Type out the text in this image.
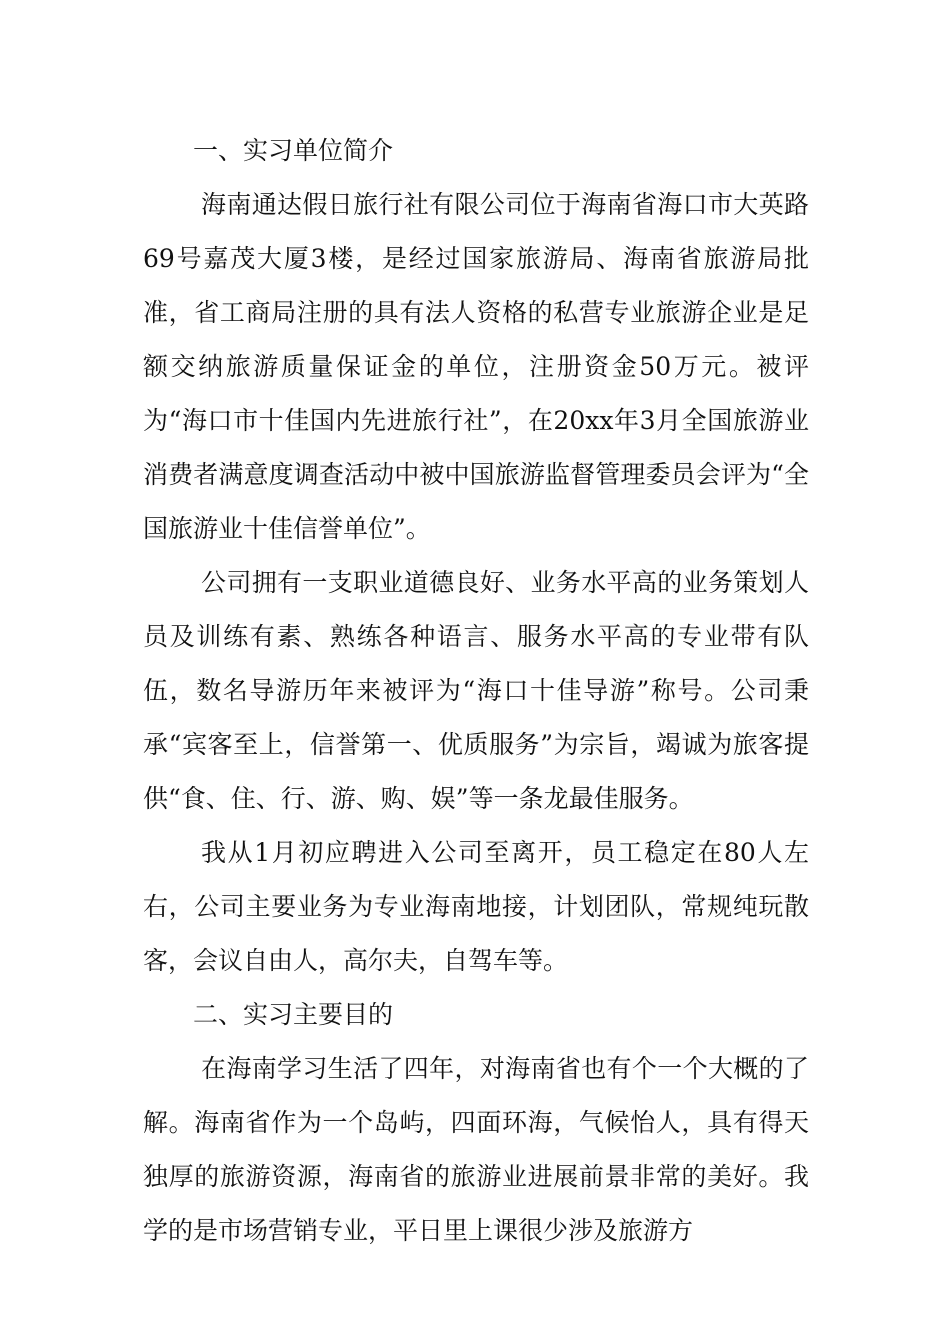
一、实习单位简介

海南通达假日旅行社有限公司位于海南省海口市大英路69号嘉茂大厦3楼，是经过国家旅游局、海南省旅游局批准，省工商局注册的具有法人资格的私营专业旅游企业是足额交纳旅游质量保证金的单位，注册资金50万元。被评为“海口市十佳国内先进旅行社”，在20xx年3月全国旅游业消费者满意度调查活动中被中国旅游监督管理委员会评为“全国旅游业十佳信誉单位”。

公司拥有一支职业道德良好、业务水平高的业务策划人员及训练有素、熟练各种语言、服务水平高的专业带有队伍，数名导游历年来被评为“海口十佳导游”称号。公司秉承“宾客至上，信誉第一、优质服务”为宗旨，竭诚为旅客提供“食、住、行、游、购、娱”等一条龙最佳服务。

我从1月初应聘进入公司至离开，员工稳定在80人左右，公司主要业务为专业海南地接，计划团队，常规纯玩散客，会议自由人，高尔夫，自驾车等。

二、实习主要目的

在海南学习生活了四年，对海南省也有个一个大概的了解。海南省作为一个岛屿，四面环海，气候怡人，具有得天独厚的旅游资源，海南省的旅游业进展前景非常的美好。我学的是市场营销专业，平日里上课很少涉及旅游方
